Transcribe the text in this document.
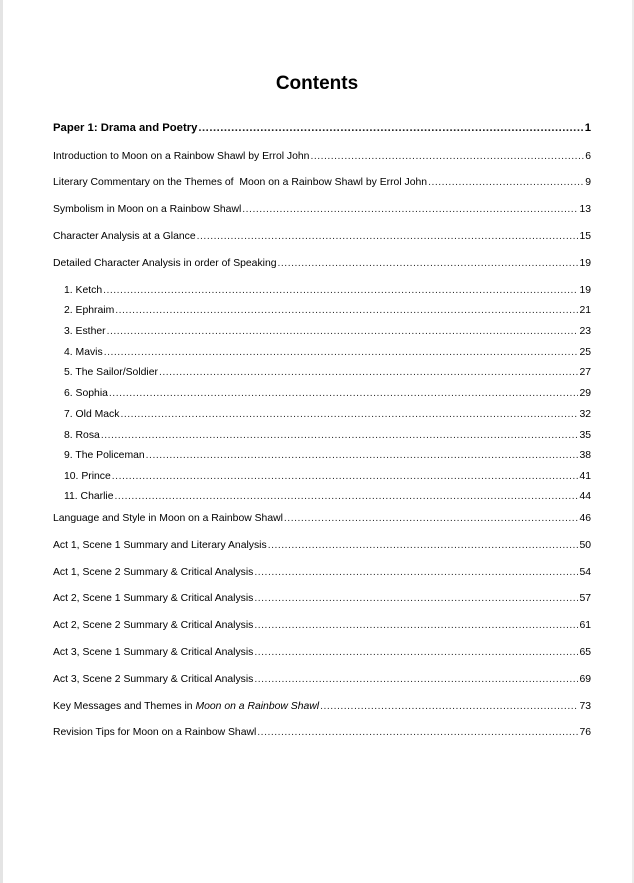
Contents
Paper 1: Drama and Poetry .....	1
Introduction to Moon on a Rainbow Shawl by Errol John .....	6
Literary Commentary on the Themes of  Moon on a Rainbow Shawl by Errol John .....	9
Symbolism in Moon on a Rainbow Shawl .....	13
Character Analysis at a Glance .....	15
Detailed Character Analysis in order of Speaking .....	19
1. Ketch .....	19
2. Ephraim .....	21
3. Esther .....	23
4. Mavis .....	25
5. The Sailor/Soldier .....	27
6. Sophia .....	29
7. Old Mack .....	32
8. Rosa .....	35
9. The Policeman .....	38
10. Prince .....	41
11. Charlie .....	44
Language and Style in Moon on a Rainbow Shawl .....	46
Act 1, Scene 1 Summary and Literary Analysis .....	50
Act 1, Scene 2 Summary & Critical Analysis .....	54
Act 2, Scene 1 Summary & Critical Analysis .....	57
Act 2, Scene 2 Summary & Critical Analysis .....	61
Act 3, Scene 1 Summary & Critical Analysis .....	65
Act 3, Scene 2 Summary & Critical Analysis .....	69
Key Messages and Themes in Moon on a Rainbow Shawl .....	73
Revision Tips for Moon on a Rainbow Shawl .....	76
